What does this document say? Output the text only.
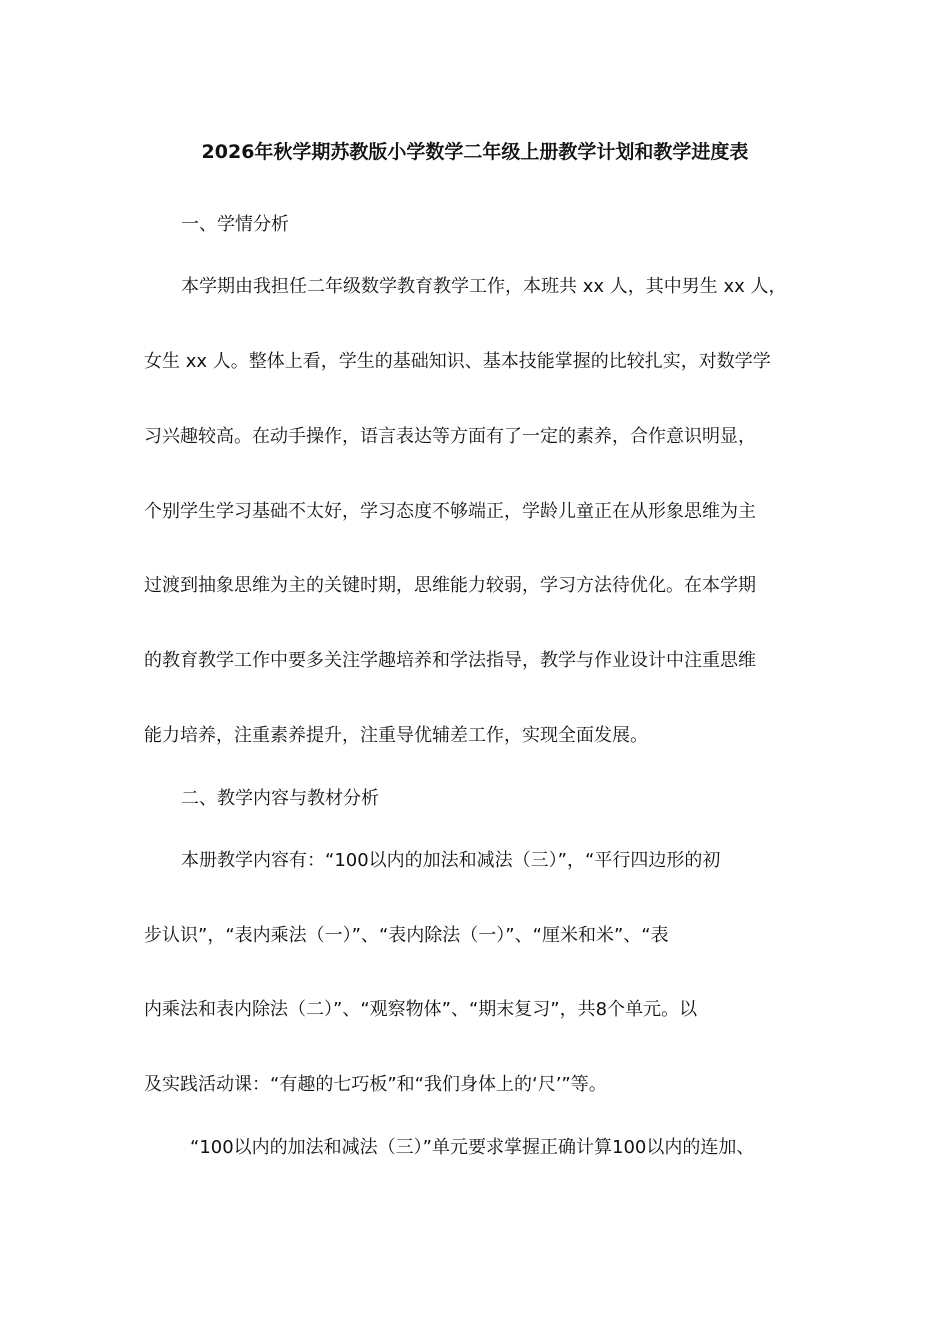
2026年秋学期苏教版小学数学二年级上册教学计划和教学进度表
一、学情分析
本学期由我担任二年级数学教育教学工作，本班共 xx 人，其中男生 xx 人，
女生 xx 人。整体上看，学生的基础知识、基本技能掌握的比较扎实，对数学学
习兴趣较高。在动手操作，语言表达等方面有了一定的素养，合作意识明显，
个别学生学习基础不太好，学习态度不够端正，学龄儿童正在从形象思维为主
过渡到抽象思维为主的关键时期，思维能力较弱，学习方法待优化。在本学期
的教育教学工作中要多关注学趣培养和学法指导，教学与作业设计中注重思维
能力培养，注重素养提升，注重导优辅差工作，实现全面发展。
二、教学内容与教材分析
本册教学内容有：“100以内的加法和减法（三）”，“平行四边形的初
步认识”，“表内乘法（一）”、“表内除法（一）”、“厘米和米”、“表
内乘法和表内除法（二）”、“观察物体”、“期末复习”，共8个单元。以
及实践活动课：“有趣的七巧板”和“我们身体上的‘尺’”等。
“100以内的加法和减法（三）”单元要求掌握正确计算100以内的连加、
